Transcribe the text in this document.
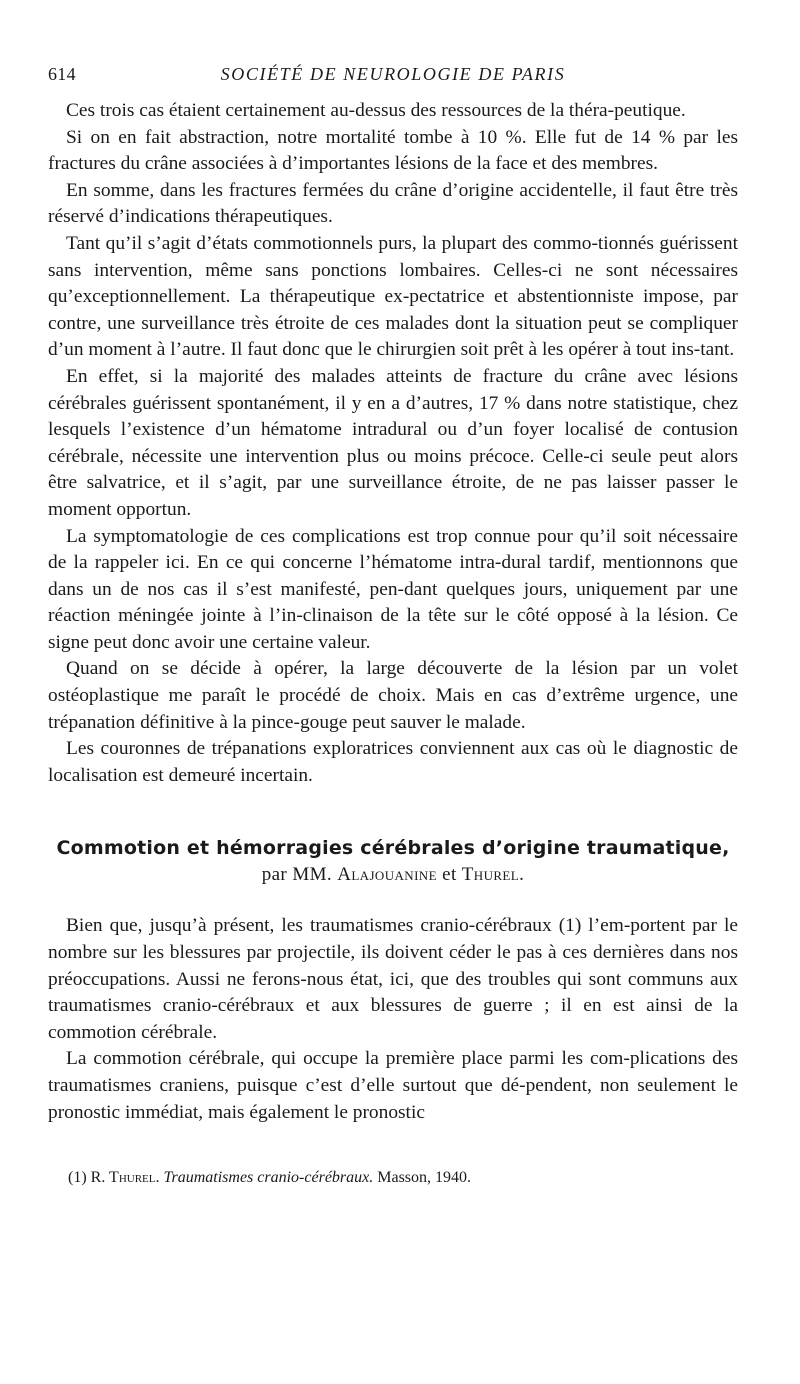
614	SOCIÉTÉ DE NEUROLOGIE DE PARIS

Ces trois cas étaient certainement au-dessus des ressources de la théra-peutique.

Si on en fait abstraction, notre mortalité tombe à 10 %. Elle fut de 14 % par les fractures du crâne associées à d’importantes lésions de la face et des membres.

En somme, dans les fractures fermées du crâne d’origine accidentelle, il faut être très réservé d’indications thérapeutiques.

Tant qu’il s’agit d’états commotionnels purs, la plupart des commo-tionnés guérissent sans intervention, même sans ponctions lombaires. Celles-ci ne sont nécessaires qu’exceptionnellement. La thérapeutique ex-pectatrice et abstentionniste impose, par contre, une surveillance très étroite de ces malades dont la situation peut se compliquer d’un moment à l’autre. Il faut donc que le chirurgien soit prêt à les opérer à tout ins-tant.

En effet, si la majorité des malades atteints de fracture du crâne avec lésions cérébrales guérissent spontanément, il y en a d’autres, 17 % dans notre statistique, chez lesquels l’existence d’un hématome intradural ou d’un foyer localisé de contusion cérébrale, nécessite une intervention plus ou moins précoce. Celle-ci seule peut alors être salvatrice, et il s’agit, par une surveillance étroite, de ne pas laisser passer le moment opportun.

La symptomatologie de ces complications est trop connue pour qu’il soit nécessaire de la rappeler ici. En ce qui concerne l’hématome intra-dural tardif, mentionnons que dans un de nos cas il s’est manifesté, pen-dant quelques jours, uniquement par une réaction méningée jointe à l’in-clinaison de la tête sur le côté opposé à la lésion. Ce signe peut donc avoir une certaine valeur.

Quand on se décide à opérer, la large découverte de la lésion par un volet ostéoplastique me paraît le procédé de choix. Mais en cas d’extrême urgence, une trépanation définitive à la pince-gouge peut sauver le malade.

Les couronnes de trépanations exploratrices conviennent aux cas où le diagnostic de localisation est demeuré incertain.

Commotion et hémorragies cérébrales d’origine traumatique,
par MM. Alajouanine et Thurel.

Bien que, jusqu’à présent, les traumatismes cranio-cérébraux (1) l’em-portent par le nombre sur les blessures par projectile, ils doivent céder le pas à ces dernières dans nos préoccupations. Aussi ne ferons-nous état, ici, que des troubles qui sont communs aux traumatismes cranio-cérébraux et aux blessures de guerre ; il en est ainsi de la commotion cérébrale.

La commotion cérébrale, qui occupe la première place parmi les com-plications des traumatismes craniens, puisque c’est d’elle surtout que dé-pendent, non seulement le pronostic immédiat, mais également le pronostic

(1) R. Thurel. Traumatismes cranio-cérébraux. Masson, 1940.
